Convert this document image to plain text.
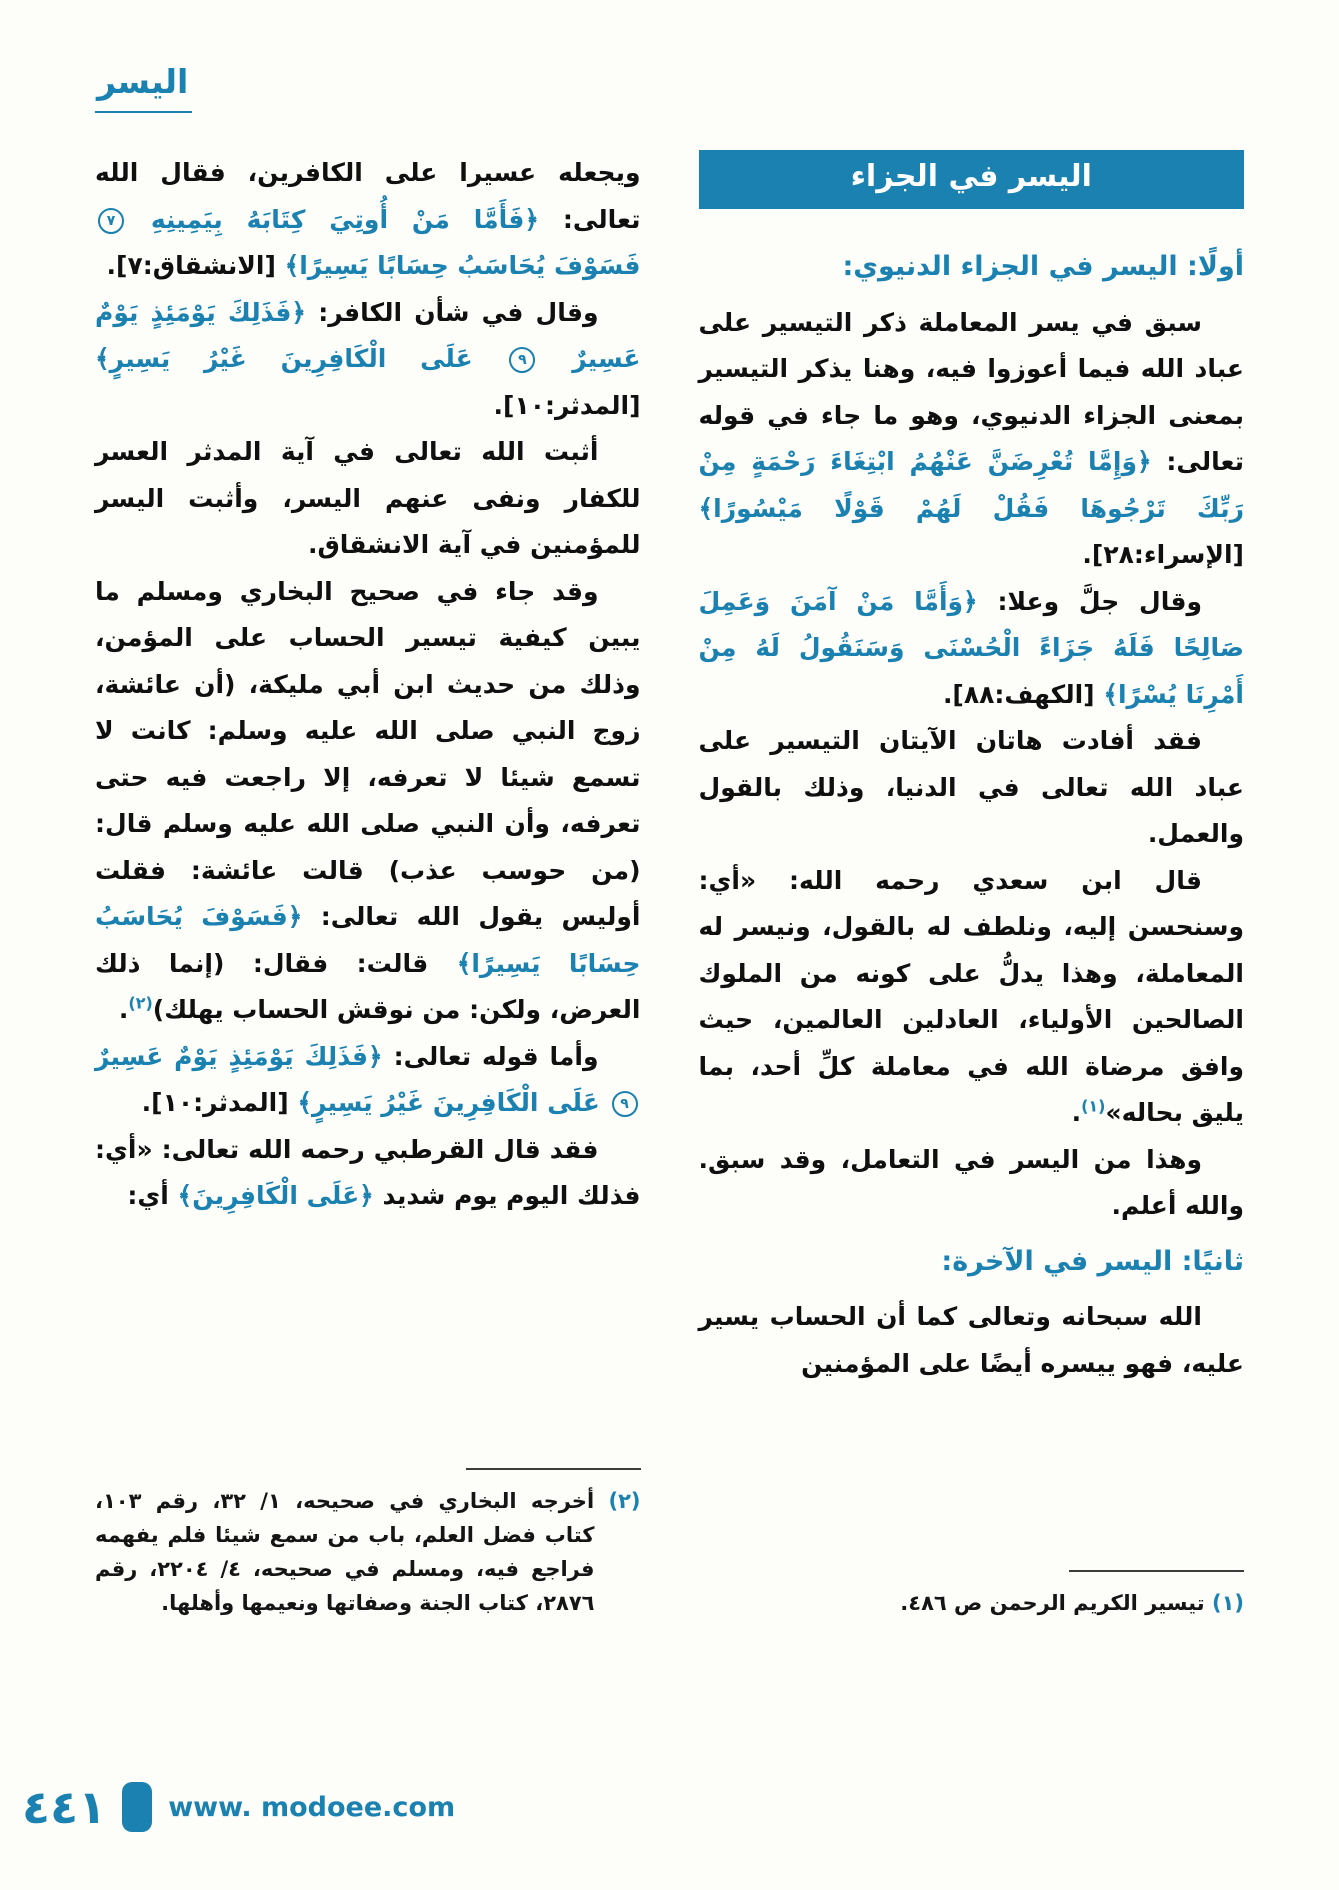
اليسر
اليسر في الجزاء
أولًا: اليسر في الجزاء الدنيوي:

سبق في يسر المعاملة ذكر التيسير على عباد الله فيما أعوزوا فيه، وهنا يذكر التيسير بمعنى الجزاء الدنيوي، وهو ما جاء في قوله تعالى: ﴿وَإِمَّا تُعْرِضَنَّ عَنْهُمُ ابْتِغَاءَ رَحْمَةٍ مِنْ رَبِّكَ تَرْجُوهَا فَقُلْ لَهُمْ قَوْلًا مَيْسُورًا﴾ [الإسراء:٢٨].

وقال جلَّ وعلا: ﴿وَأَمَّا مَنْ آمَنَ وَعَمِلَ صَالِحًا فَلَهُ جَزَاءً الْحُسْنَى وَسَنَقُولُ لَهُ مِنْ أَمْرِنَا يُسْرًا﴾ [الكهف:٨٨].

فقد أفادت هاتان الآيتان التيسير على عباد الله تعالى في الدنيا، وذلك بالقول والعمل.

قال ابن سعدي رحمه الله: «أي: وسنحسن إليه، ونلطف له بالقول، ونيسر له المعاملة، وهذا يدلُّ على كونه من الملوك الصالحين الأولياء، العادلين العالمين، حيث وافق مرضاة الله في معاملة كلِّ أحد، بما يليق بحاله»$^{(١)}$.

وهذا من اليسر في التعامل، وقد سبق. والله أعلم.

ثانيًا: اليسر في الآخرة:

الله سبحانه وتعالى كما أن الحساب يسير عليه، فهو ييسره أيضًا على المؤمنين

(١) تيسير الكريم الرحمن ص ٤٨٦.

ويجعله عسيرا على الكافرين، فقال الله تعالى: ﴿فَأَمَّا مَنْ أُوتِيَ كِتَابَهُ بِيَمِينِهِ ٧ فَسَوْفَ يُحَاسَبُ حِسَابًا يَسِيرًا﴾ [الانشقاق:٧].

وقال في شأن الكافر: ﴿فَذَلِكَ يَوْمَئِذٍ يَوْمٌ عَسِيرٌ ٩ عَلَى الْكَافِرِينَ غَيْرُ يَسِيرٍ﴾ [المدثر:١٠].

أثبت الله تعالى في آية المدثر العسر للكفار ونفى عنهم اليسر، وأثبت اليسر للمؤمنين في آية الانشقاق.

وقد جاء في صحيح البخاري ومسلم ما يبين كيفية تيسير الحساب على المؤمن، وذلك من حديث ابن أبي مليكة، (أن عائشة، زوج النبي صلى الله عليه وسلم: كانت لا تسمع شيئا لا تعرفه، إلا راجعت فيه حتى تعرفه، وأن النبي صلى الله عليه وسلم قال: (من حوسب عذب) قالت عائشة: فقلت أوليس يقول الله تعالى: ﴿فَسَوْفَ يُحَاسَبُ حِسَابًا يَسِيرًا﴾ قالت: فقال: (إنما ذلك العرض، ولكن: من نوقش الحساب يهلك)$^{(٢)}$.

وأما قوله تعالى: ﴿فَذَلِكَ يَوْمَئِذٍ يَوْمٌ عَسِيرٌ ٩ عَلَى الْكَافِرِينَ غَيْرُ يَسِيرٍ﴾ [المدثر:١٠].

فقد قال القرطبي رحمه الله تعالى: «أي: فذلك اليوم يوم شديد ﴿عَلَى الْكَافِرِينَ﴾ أي:

(٢) أخرجه البخاري في صحيحه، ١/ ٣٢، رقم ١٠٣، كتاب فضل العلم، باب من سمع شيئا فلم يفهمه فراجع فيه، ومسلم في صحيحه، ٤/ ٢٢٠٤، رقم ٢٨٧٦، كتاب الجنة وصفاتها ونعيمها وأهلها.

٤٤١ www. modoee.com
